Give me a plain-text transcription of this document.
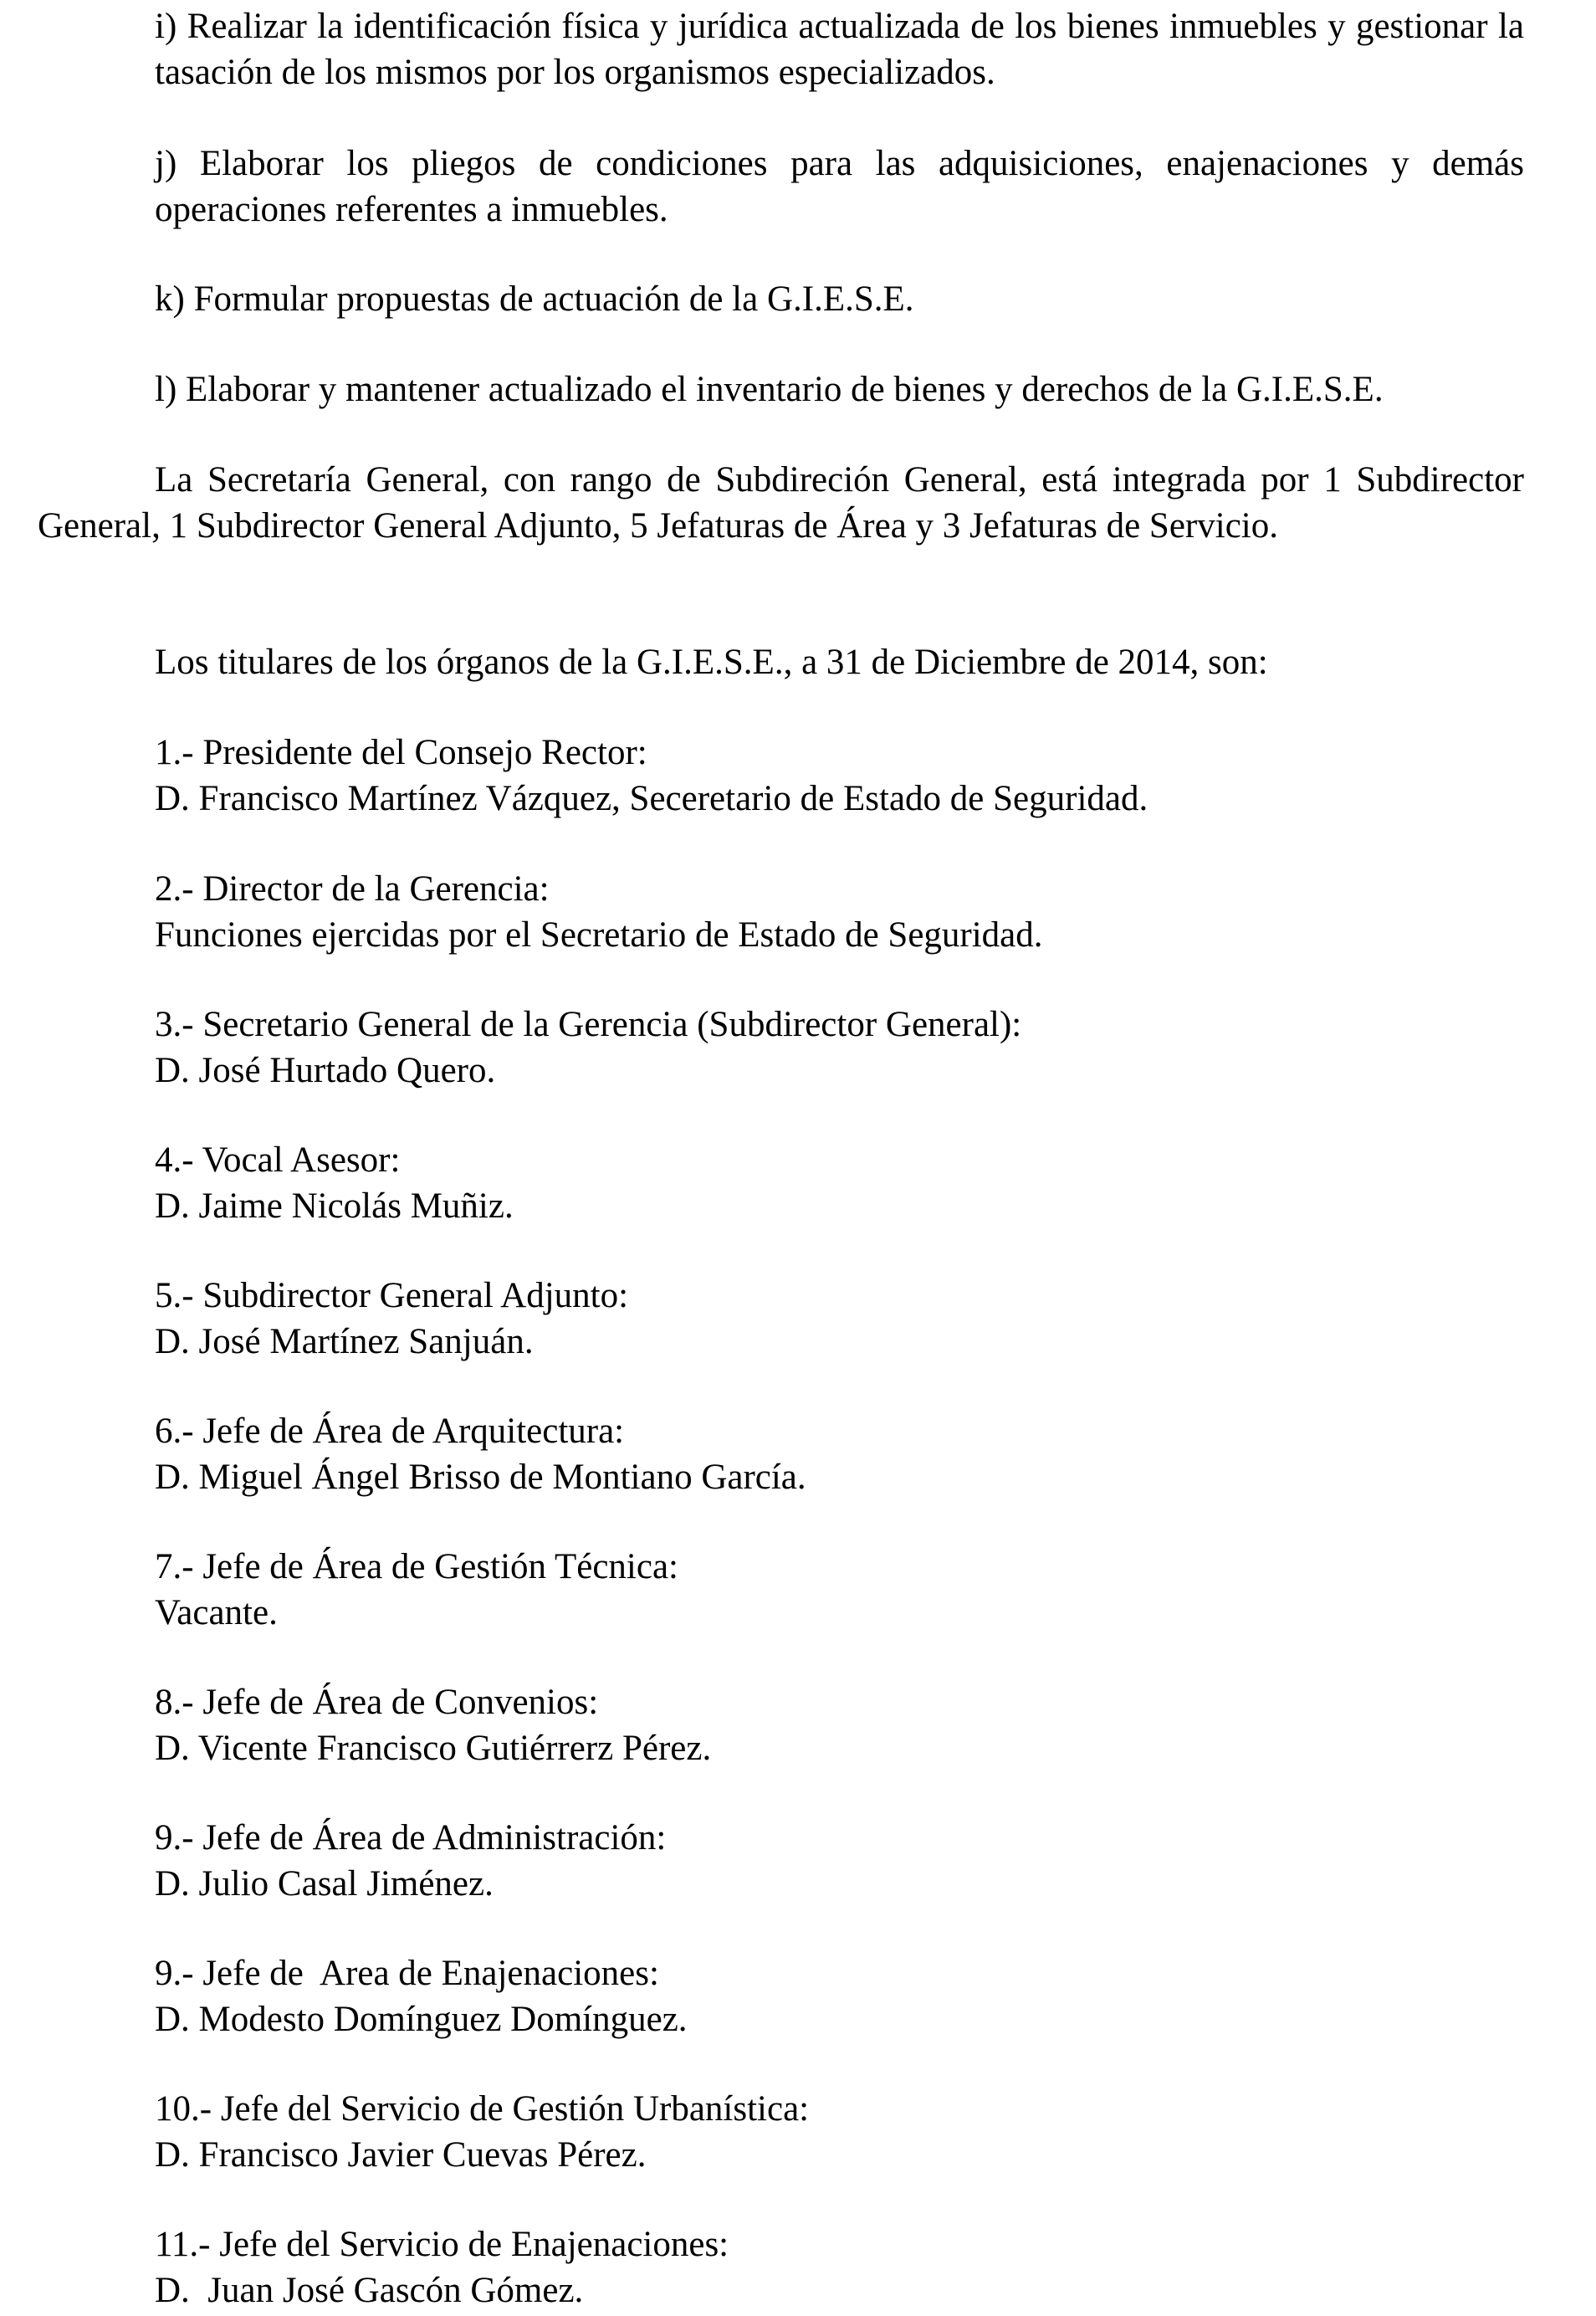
i) Realizar la identificación física y jurídica actualizada de los bienes inmuebles y gestionar la tasación de los mismos por los organismos especializados.

j) Elaborar los pliegos de condiciones para las adquisiciones, enajenaciones y demás operaciones referentes a inmuebles.

k) Formular propuestas de actuación de la G.I.E.S.E.

l) Elaborar y mantener actualizado el inventario de bienes y derechos de la G.I.E.S.E.

La Secretaría General, con rango de Subdireción General, está integrada por 1 Subdirector General, 1 Subdirector General Adjunto, 5 Jefaturas de Área y 3 Jefaturas de Servicio.

Los titulares de los órganos de la G.I.E.S.E., a 31 de Diciembre de 2014, son:

1.- Presidente del Consejo Rector:
D. Francisco Martínez Vázquez, Seceretario de Estado de Seguridad.
2.- Director de la Gerencia:
Funciones ejercidas por el Secretario de Estado de Seguridad.
3.- Secretario General de la Gerencia (Subdirector General):
D. José Hurtado Quero.
4.- Vocal Asesor:
D. Jaime Nicolás Muñiz.
5.- Subdirector General Adjunto:
D. José Martínez Sanjuán.
6.- Jefe de Área de Arquitectura:
D. Miguel Ángel Brisso de Montiano García.
7.- Jefe de Área de Gestión Técnica:
Vacante.
8.- Jefe de Área de Convenios:
D. Vicente Francisco Gutiérrerz Pérez.
9.- Jefe de Área de Administración:
D. Julio Casal Jiménez.
9.- Jefe de  Area de Enajenaciones:
D. Modesto Domínguez Domínguez.
10.- Jefe del Servicio de Gestión Urbanística:
D. Francisco Javier Cuevas Pérez.
11.- Jefe del Servicio de Enajenaciones:
D.  Juan José Gascón Gómez.
